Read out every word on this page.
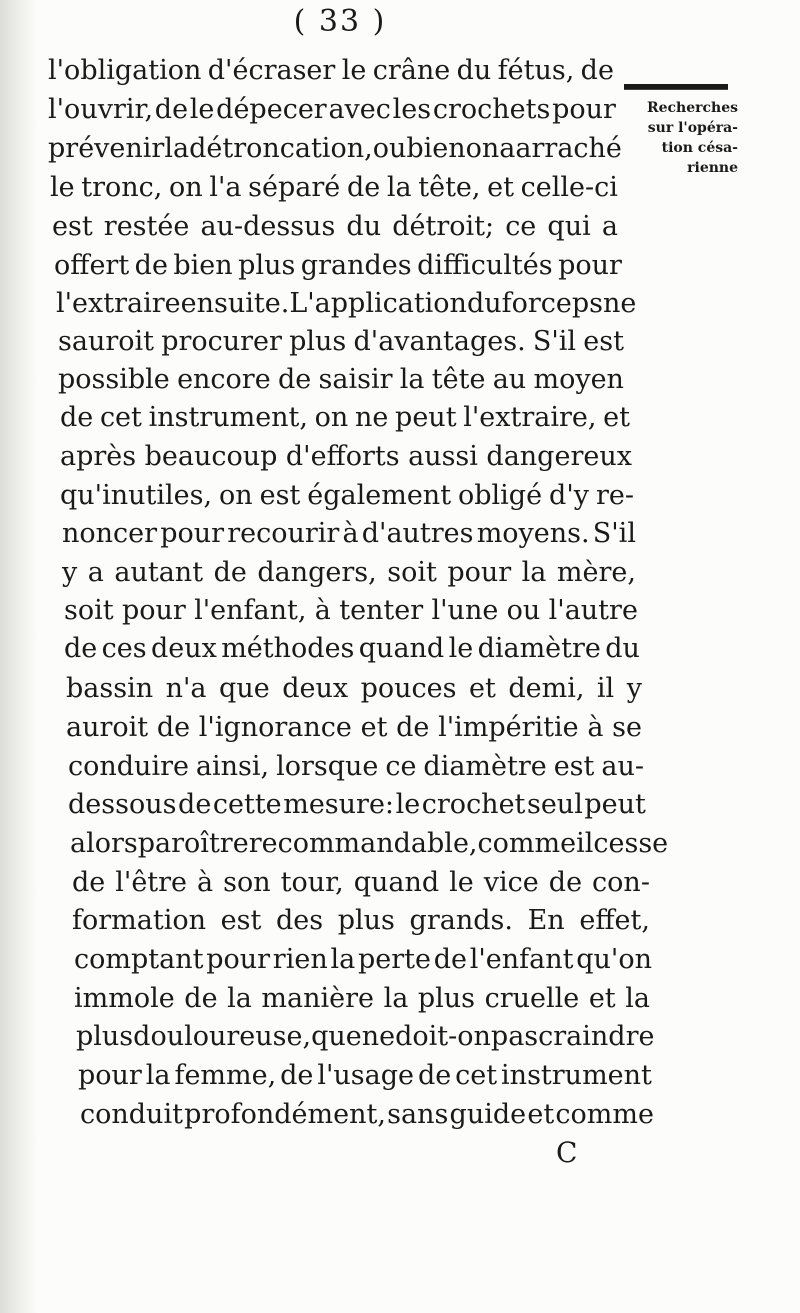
( 33 )
l'obligation d'écraser le crâne du fétus, de
l'ouvrir, de le dépecer avec les crochets pour
prévenir la détroncation, ou bien on a arraché
le tronc, on l'a séparé de la tête, et celle-ci
est restée au-dessus du détroit; ce qui a
offert de bien plus grandes difficultés pour
l'extraire ensuite. L'application du forceps ne
sauroit procurer plus d'avantages. S'il est
possible encore de saisir la tête au moyen
de cet instrument, on ne peut l'extraire, et
après beaucoup d'efforts aussi dangereux
qu'inutiles, on est également obligé d'y re-
noncer pour recourir à d'autres moyens. S'il
y a autant de dangers, soit pour la mère,
soit pour l'enfant, à tenter l'une ou l'autre
de ces deux méthodes quand le diamètre du
bassin n'a que deux pouces et demi, il y
auroit de l'ignorance et de l'impéritie à se
conduire ainsi, lorsque ce diamètre est au-
dessous de cette mesure: le crochet seul peut
alors paroître recommandable, comme il cesse
de l'être à son tour, quand le vice de con-
formation est des plus grands. En effet,
comptant pour rien la perte de l'enfant qu'on
immole de la manière la plus cruelle et la
plus douloureuse, que ne doit-on pas craindre
pour la femme, de l'usage de cet instrument
conduit profondément, sans guide et comme
Recherches
sur l'opéra-
tion césa-
rienne
C
